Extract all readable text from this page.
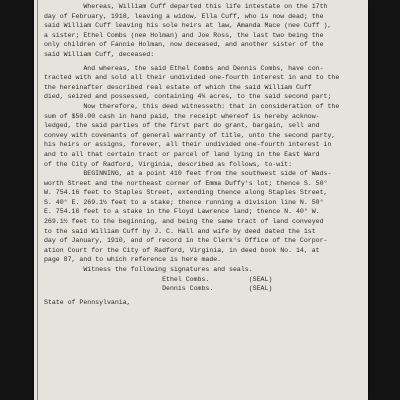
Whereas, William Cuff departed this life intestate on the 17th
day of February, 1918, leaving a widow, Ella Cuff, who is now dead; the
said William Cuff leaving his sole heirs at law, Amanda Mace (nee Cuff ),
a sister; Ethel Combs (nee Holman) and Joe Ross, the last two being the
only children of Fannie Holman, now deceased, and another sister of the
said William Cuff, deceased:
And whereas, the said Ethel Combs and Dennis Combs, have con-
tracted with and sold all their undivided one-fourth interest in and to the
the hereinafter described real estate of which the said William Cuff
died, seized and possessed, containing 4¾ acres, to the said second part;
Now therefore, this deed witnesseth: that in consideration of the
sum of $50.00 cash in hand paid, the receipt whereof is hereby acknow-
ledged, the said parties of the first part do grant, bargain, sell and
convey with covenants of general warranty of title, unto the second party,
his heirs or assigns, forever, all their undivided one-fourth interest in
and to all that certain tract or parcel of land lying in the East Ward
of the City of Radford, Virginia, described as follows, to-wit:
BEGINNING, at a point 410 feet from the southwest side of Wads-
worth Street and the northeast corner of Emma Duffy's lot; thence S. 50°
W. 754.16 feet to Staples Street, extending thence along Staples Street,
S. 40° E. 269.1½ feet to a stake; thence running a division line N. 50°
E. 754.16 feet to a stake in the Floyd Lawrence land; thence N. 40° W.
269.1½ feet to the beginning, and being the same tract of land conveyed
to the said William Cuff by J. C. Hall and wife by deed dated the 1st
day of January, 1910, and of record in the Clerk's Office of the Corpor-
ation Court for the City of Radford, Virginia, in deed book No. 14, at
page 87, and to which reference is here made.
Witness the following signatures and seals.
Ethel Combs.          (SEAL)
Dennis Combs.         (SEAL)
State of Pennsylvania,
